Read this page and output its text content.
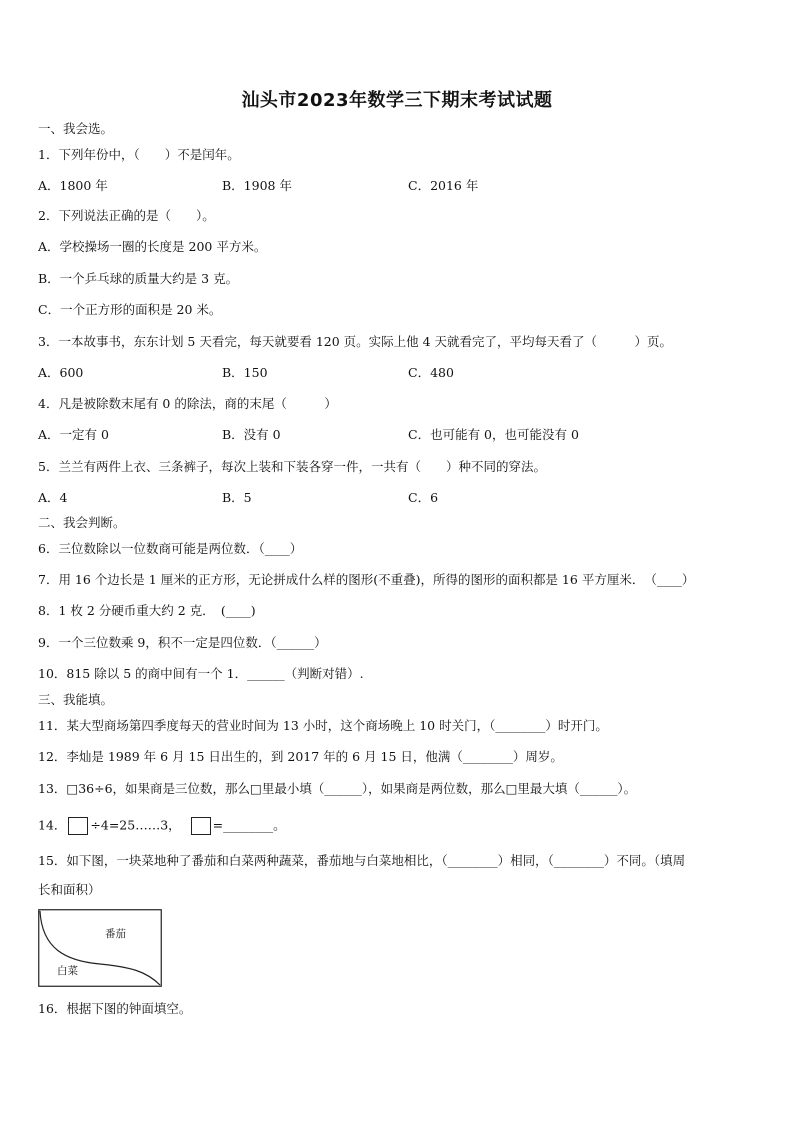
汕头市2023年数学三下期末考试试题
一、我会选。
1．下列年份中，（　　）不是闰年。
A．1800 年	B．1908 年	C．2016 年
2．下列说法正确的是（　　）。
A．学校操场一圈的长度是 200 平方米。
B．一个乒乓球的质量大约是 3 克。
C．一个正方形的面积是 20 米。
3．一本故事书，东东计划 5 天看完，每天就要看 120 页。实际上他 4 天就看完了，平均每天看了（　　　）页。
A．600	B．150	C．480
4．凡是被除数末尾有 0 的除法，商的末尾（　　　）
A．一定有 0	B．没有 0	C．也可能有 0，也可能没有 0
5．兰兰有两件上衣、三条裤子，每次上装和下装各穿一件，一共有（　　）种不同的穿法。
A．4	B．5	C．6
二、我会判断。
6．三位数除以一位数商可能是两位数．（____）
7．用 16 个边长是 1 厘米的正方形，无论拼成什么样的图形(不重叠)，所得的图形的面积都是 16 平方厘米．　（____）
8．1 枚 2 分硬币重大约 2 克．　(____)
9．一个三位数乘 9，积不一定是四位数．（______）
10．815 除以 5 的商中间有一个 1．______（判断对错）.
三、我能填。
11．某大型商场第四季度每天的营业时间为 13 小时，这个商场晚上 10 时关门，（________）时开门。
12．李灿是 1989 年 6 月 15 日出生的，到 2017 年的 6 月 15 日，他满（________）周岁。
13．□36÷6，如果商是三位数，那么□里最小填（______），如果商是两位数，那么□里最大填（______）。
14． ÷4=25……3，	=________。
15．如下图，一块菜地种了番茄和白菜两种蔬菜，番茄地与白菜地相比，（________）相同，（________）不同。（填周
长和面积）
番茄
白菜
16．根据下图的钟面填空。
